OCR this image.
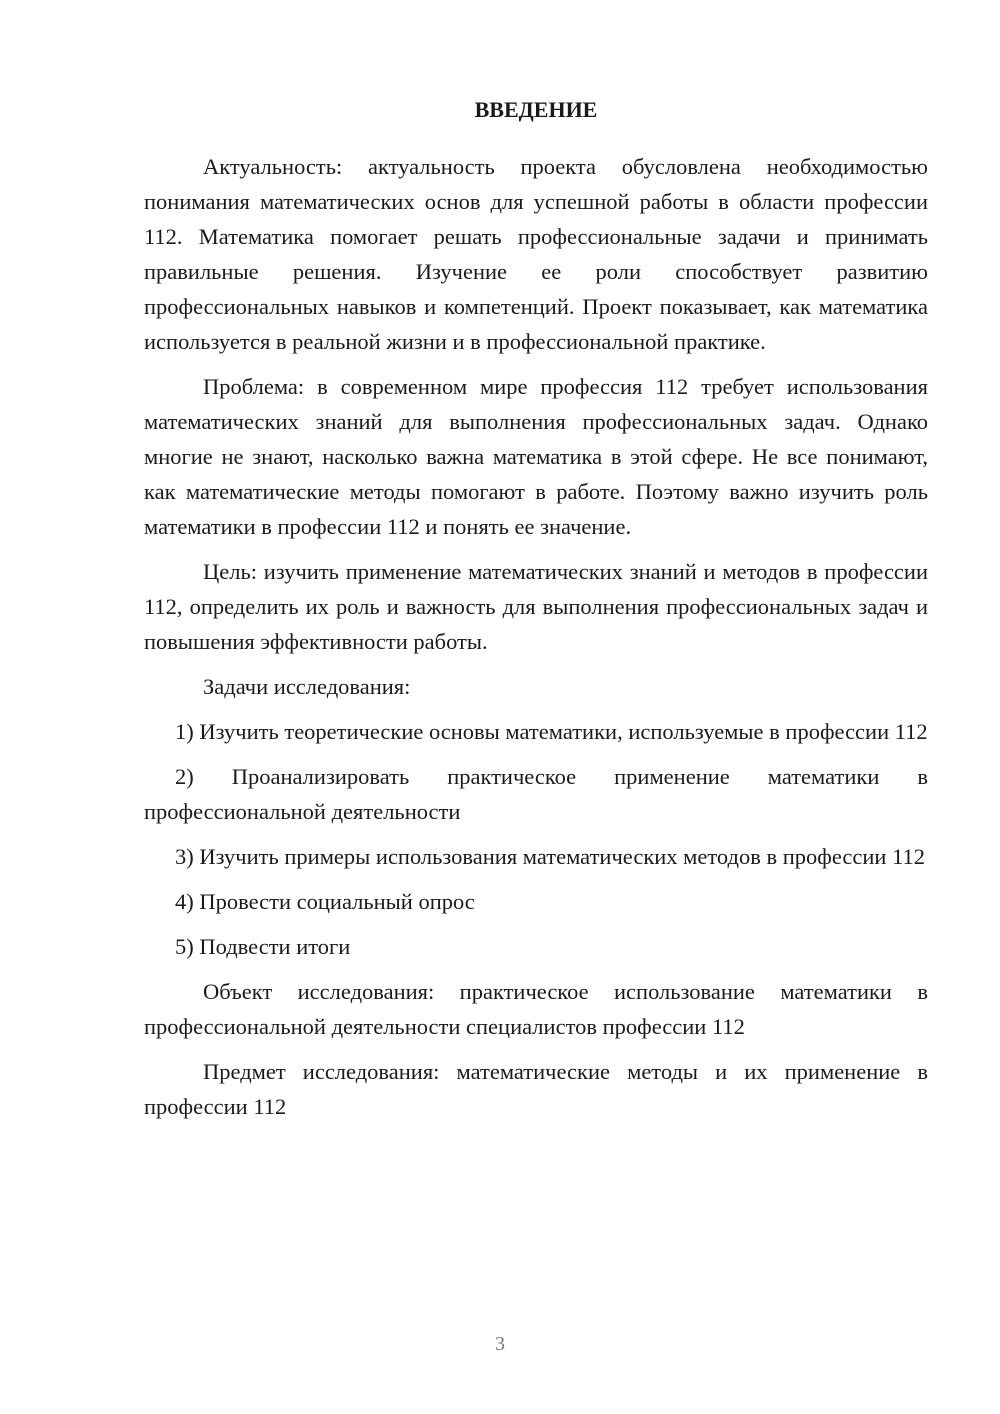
ВВЕДЕНИЕ

Актуальность: актуальность проекта обусловлена необходимостью понимания математических основ для успешной работы в области профессии 112. Математика помогает решать профессиональные задачи и принимать правильные решения. Изучение ее роли способствует развитию профессиональных навыков и компетенций. Проект показывает, как математика используется в реальной жизни и в профессиональной практике.

Проблема: в современном мире профессия 112 требует использования математических знаний для выполнения профессиональных задач. Однако многие не знают, насколько важна математика в этой сфере. Не все понимают, как математические методы помогают в работе. Поэтому важно изучить роль математики в профессии 112 и понять ее значение.

Цель: изучить применение математических знаний и методов в профессии 112, определить их роль и важность для выполнения профессиональных задач и повышения эффективности работы.

Задачи исследования:

1) Изучить теоретические основы математики, используемые в профессии 112

2) Проанализировать практическое применение математики в профессиональной деятельности

3) Изучить примеры использования математических методов в профессии 112

4) Провести социальный опрос

5) Подвести итоги

Объект исследования: практическое использование математики в профессиональной деятельности специалистов профессии 112

Предмет исследования: математические методы и их применение в профессии 112

3
